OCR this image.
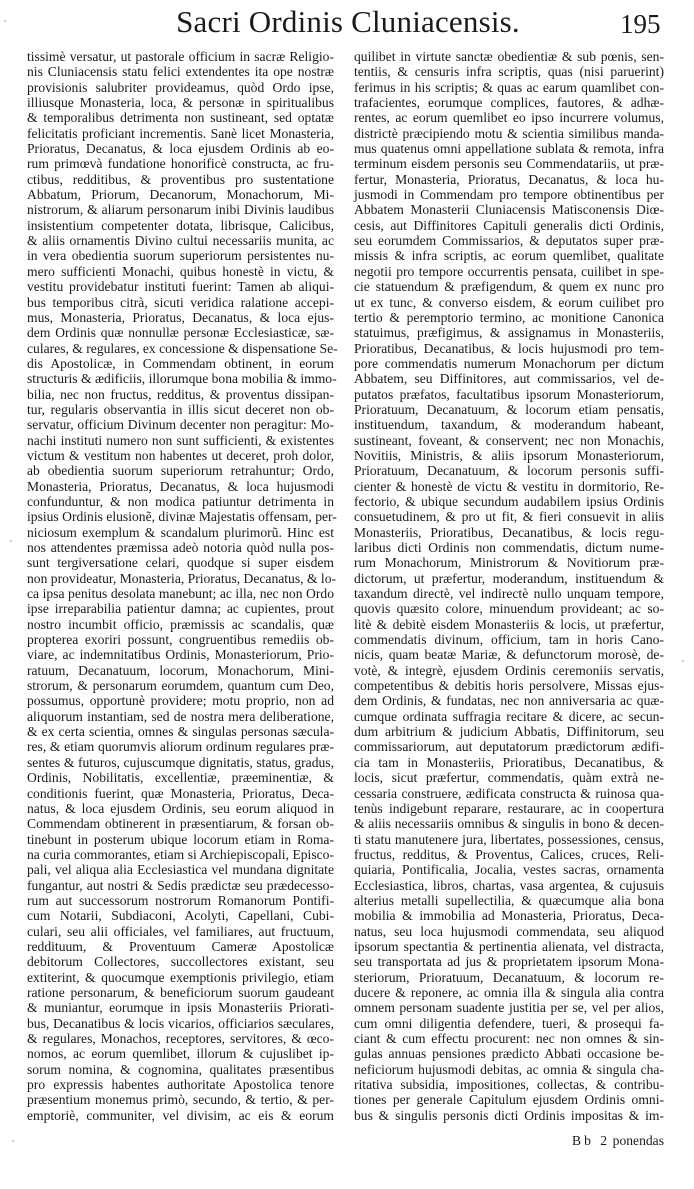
Sacri Ordinis Cluniacensis.	195
tissimè versatur, ut pastorale officium in sacræ Religio-
nis Cluniacensis statu felici extendentes ita ope nostræ
provisionis salubriter provideamus, quòd Ordo ipse,
illiusque Monasteria, loca, & personæ in spiritualibus
& temporalibus detrimenta non sustineant, sed optatæ
felicitatis proficiant incrementis. Sanè licet Monasteria,
Prioratus, Decanatus, & loca ejusdem Ordinis ab eo-
rum primœvà fundatione honorificè constructa, ac fru-
ctibus, redditibus, & proventibus pro sustentatione
Abbatum, Priorum, Decanorum, Monachorum, Mi-
nistrorum, & aliarum personarum inibi Divinis laudibus
insistentium competenter dotata, librisque, Calicibus,
& aliis ornamentis Divino cultui necessariis munita, ac
in vera obedientia suorum superiorum persistentes nu-
mero sufficienti Monachi, quibus honestè in victu, &
vestitu providebatur instituti fuerint: Tamen ab aliqui-
bus temporibus citrà, sicuti veridica ralatione accepi-
mus, Monasteria, Prioratus, Decanatus, & loca ejus-
dem Ordinis quæ nonnullæ personæ Ecclesiasticæ, sæ-
culares, & regulares, ex concessione & dispensatione Se-
dis Apostolicæ, in Commendam obtinent, in eorum
structuris & ædificiis, illorumque bona mobilia & immo-
bilia, nec non fructus, redditus, & proventus dissipan-
tur, regularis observantia in illis sicut deceret non ob-
servatur, officium Divinum decenter non peragitur: Mo-
nachi instituti numero non sunt sufficienti, & existentes
victum & vestitum non habentes ut deceret, proh dolor,
ab obedientia suorum superiorum retrahuntur; Ordo,
Monasteria, Prioratus, Decanatus, & loca hujusmodi
confunduntur, & non modica patiuntur detrimenta in
ipsius Ordinis elusionẽ, divinæ Majestatis offensam, per-
niciosum exemplum & scandalum plurimorũ. Hinc est
nos attendentes præmissa adeò notoria quòd nulla pos-
sunt tergiversatione celari, quodque si super eisdem
non provideatur, Monasteria, Prioratus, Decanatus, & lo-
ca ipsa penitus desolata manebunt; ac illa, nec non Ordo
ipse irreparabilia patientur damna; ac cupientes, prout
nostro incumbit officio, præmissis ac scandalis, quæ
propterea exoriri possunt, congruentibus remediis ob-
viare, ac indemnitatibus Ordinis, Monasteriorum, Prio-
ratuum, Decanatuum, locorum, Monachorum, Mini-
strorum, & personarum eorumdem, quantum cum Deo,
possumus, opportunè providere; motu proprio, non ad
aliquorum instantiam, sed de nostra mera deliberatione,
& ex certa scientia, omnes & singulas personas sæcula-
res, & etiam quorumvis aliorum ordinum regulares præ-
sentes & futuros, cujuscumque dignitatis, status, gradus,
Ordinis, Nobilitatis, excellentiæ, præeminentiæ, &
conditionis fuerint, quæ Monasteria, Prioratus, Deca-
natus, & loca ejusdem Ordinis, seu eorum aliquod in
Commendam obtinerent in præsentiarum, & forsan ob-
tinebunt in posterum ubique locorum etiam in Roma-
na curia commorantes, etiam si Archiepiscopali, Episco-
pali, vel aliqua alia Ecclesiastica vel mundana dignitate
fungantur, aut nostri & Sedis prædictæ seu prædecesso-
rum aut successorum nostrorum Romanorum Pontifi-
cum Notarii, Subdiaconi, Acolyti, Capellani, Cubi-
culari, seu alii officiales, vel familiares, aut fructuum,
reddituum, & Proventuum Cameræ Apostolicæ
debitorum Collectores, succollectores existant, seu
extiterint, & quocumque exemptionis privilegio, etiam
ratione personarum, & beneficiorum suorum gaudeant
& muniantur, eorumque in ipsis Monasteriis Priorati-
bus, Decanatibus & locis vicarios, officiarios sæculares,
& regulares, Monachos, receptores, servitores, & œco-
nomos, ac eorum quemlibet, illorum & cujuslibet ip-
sorum nomina, & cognomina, qualitates præsentibus
pro expressis habentes authoritate Apostolica tenore
præsentium monemus primò, secundo, & tertio, & per-
emptoriè, communiter, vel divisim, ac eis & eorum
quilibet in virtute sanctæ obedientiæ & sub pœnis, sen-
tentiis, & censuris infra scriptis, quas (nisi paruerint)
ferimus in his scriptis; & quas ac earum quamlibet con-
trafacientes, eorumque complices, fautores, & adhæ-
rentes, ac eorum quemlibet eo ipso incurrere volumus,
districtè præcipiendo motu & scientia similibus manda-
mus quatenus omni appellatione sublata & remota, infra
terminum eisdem personis seu Commendatariis, ut præ-
fertur, Monasteria, Prioratus, Decanatus, & loca hu-
jusmodi in Commendam pro tempore obtinentibus per
Abbatem Monasterii Cluniacensis Matisconensis Diœ-
cesis, aut Diffinitores Capituli generalis dicti Ordinis,
seu eorumdem Commissarios, & deputatos super præ-
missis & infra scriptis, ac eorum quemlibet, qualitate
negotii pro tempore occurrentis pensata, cuilibet in spe-
cie statuendum & præfigendum, & quem ex nunc pro
ut ex tunc, & converso eisdem, & eorum cuilibet pro
tertio & peremptorio termino, ac monitione Canonica
statuimus, præfigimus, & assignamus in Monasteriis,
Prioratibus, Decanatibus, & locis hujusmodi pro tem-
pore commendatis numerum Monachorum per dictum
Abbatem, seu Diffinitores, aut commissarios, vel de-
putatos præfatos, facultatibus ipsorum Monasteriorum,
Prioratuum, Decanatuum, & locorum etiam pensatis,
instituendum, taxandum, & moderandum habeant,
sustineant, foveant, & conservent; nec non Monachis,
Novitiis, Ministris, & aliis ipsorum Monasteriorum,
Prioratuum, Decanatuum, & locorum personis suffi-
cienter & honestè de victu & vestitu in dormitorio, Re-
fectorio, & ubique secundum audabilem ipsius Ordinis
consuetudinem, & pro ut fit, & fieri consuevit in aliis
Monasteriis, Prioratibus, Decanatibus, & locis regu-
laribus dicti Ordinis non commendatis, dictum nume-
rum Monachorum, Ministrorum & Novitiorum præ-
dictorum, ut præfertur, moderandum, instituendum &
taxandum directè, vel indirectè nullo unquam tempore,
quovis quæsito colore, minuendum provideant; ac so-
litè & debitè eisdem Monasteriis & locis, ut præfertur,
commendatis divinum, officium, tam in horis Cano-
nicis, quam beatæ Mariæ, & defunctorum morosè, de-
votè, & integrè, ejusdem Ordinis ceremoniis servatis,
competentibus & debitis horis persolvere, Missas ejus-
dem Ordinis, & fundatas, nec non anniversaria ac quæ-
cumque ordinata suffragia recitare & dicere, ac secun-
dum arbitrium & judicium Abbatis, Diffinitorum, seu
commissariorum, aut deputatorum prædictorum ædifi-
cia tam in Monasteriis, Prioratibus, Decanatibus, &
locis, sicut præfertur, commendatis, quàm extrà ne-
cessaria construere, ædificata constructa & ruinosa qua-
tenùs indigebunt reparare, restaurare, ac in coopertura
& aliis necessariis omnibus & singulis in bono & decen-
ti statu manutenere jura, libertates, possessiones, census,
fructus, redditus, & Proventus, Calices, cruces, Reli-
quiaria, Pontificalia, Jocalia, vestes sacras, ornamenta
Ecclesiastica, libros, chartas, vasa argentea, & cujusuis
alterius metalli supellectilia, & quæcumque alia bona
mobilia & immobilia ad Monasteria, Prioratus, Deca-
natus, seu loca hujusmodi commendata, seu aliquod
ipsorum spectantia & pertinentia alienata, vel distracta,
seu transportata ad jus & proprietatem ipsorum Mona-
steriorum, Prioratuum, Decanatuum, & locorum re-
ducere & reponere, ac omnia illa & singula alia contra
omnem personam suadente justitia per se, vel per alios,
cum omni diligentia defendere, tueri, & prosequi fa-
ciant & cum effectu procurent: nec non omnes & sin-
gulas annuas pensiones prædicto Abbati occasione be-
neficiorum hujusmodi debitas, ac omnia & singula cha-
ritativa subsidia, impositiones, collectas, & contribu-
tiones per generale Capitulum ejusdem Ordinis omni-
bus & singulis personis dicti Ordinis impositas & im-
Bb 2 ponendas
